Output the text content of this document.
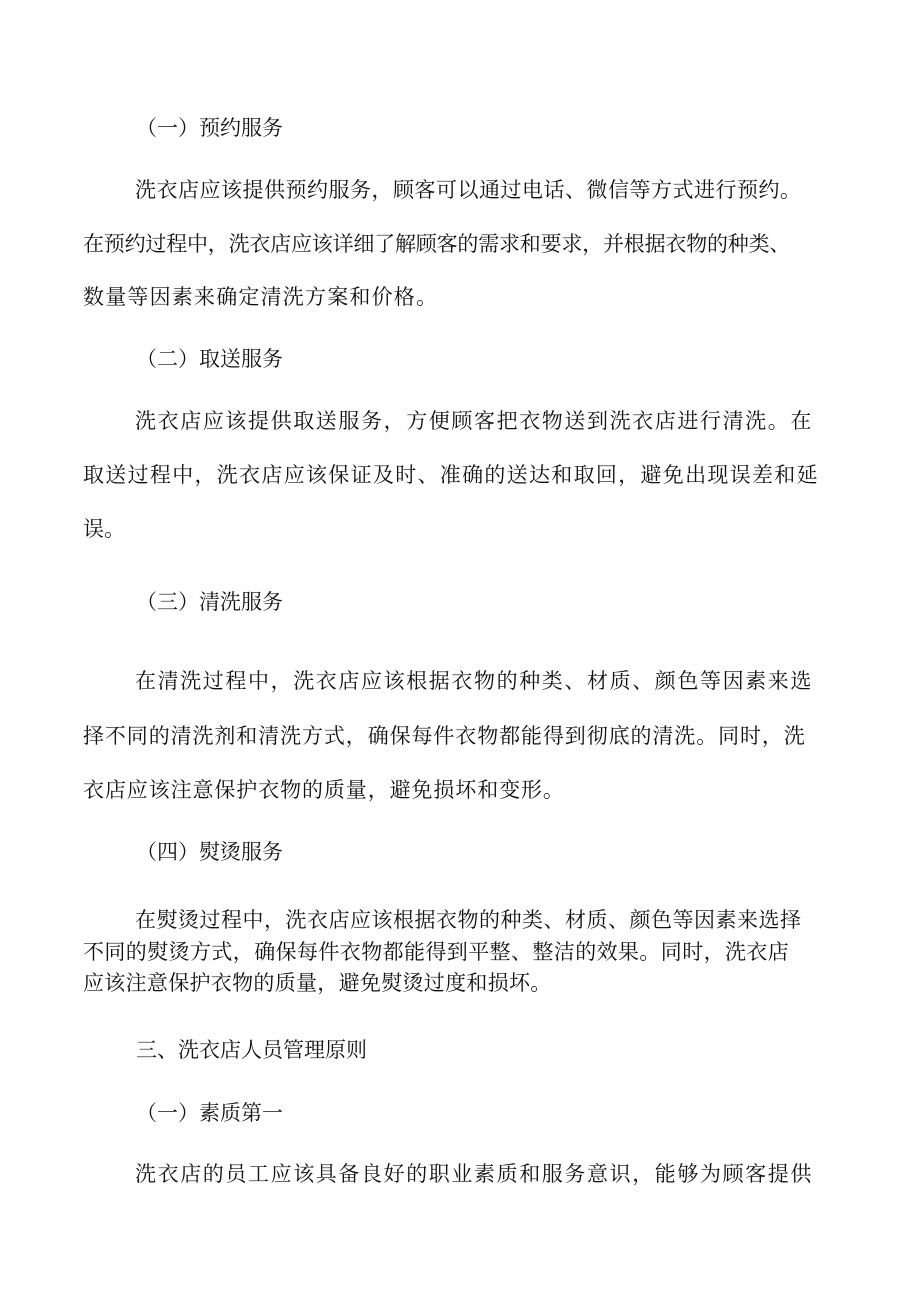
（一）预约服务
洗衣店应该提供预约服务，顾客可以通过电话、微信等方式进行预约。
在预约过程中，洗衣店应该详细了解顾客的需求和要求，并根据衣物的种类、
数量等因素来确定清洗方案和价格。
（二）取送服务
洗衣店应该提供取送服务，方便顾客把衣物送到洗衣店进行清洗。在
取送过程中，洗衣店应该保证及时、准确的送达和取回，避免出现误差和延
误。
（三）清洗服务
在清洗过程中，洗衣店应该根据衣物的种类、材质、颜色等因素来选
择不同的清洗剂和清洗方式，确保每件衣物都能得到彻底的清洗。同时，洗
衣店应该注意保护衣物的质量，避免损坏和变形。
（四）熨烫服务
在熨烫过程中，洗衣店应该根据衣物的种类、材质、颜色等因素来选择
不同的熨烫方式，确保每件衣物都能得到平整、整洁的效果。同时，洗衣店
应该注意保护衣物的质量，避免熨烫过度和损坏。
三、洗衣店人员管理原则
（一）素质第一
洗衣店的员工应该具备良好的职业素质和服务意识，能够为顾客提供
